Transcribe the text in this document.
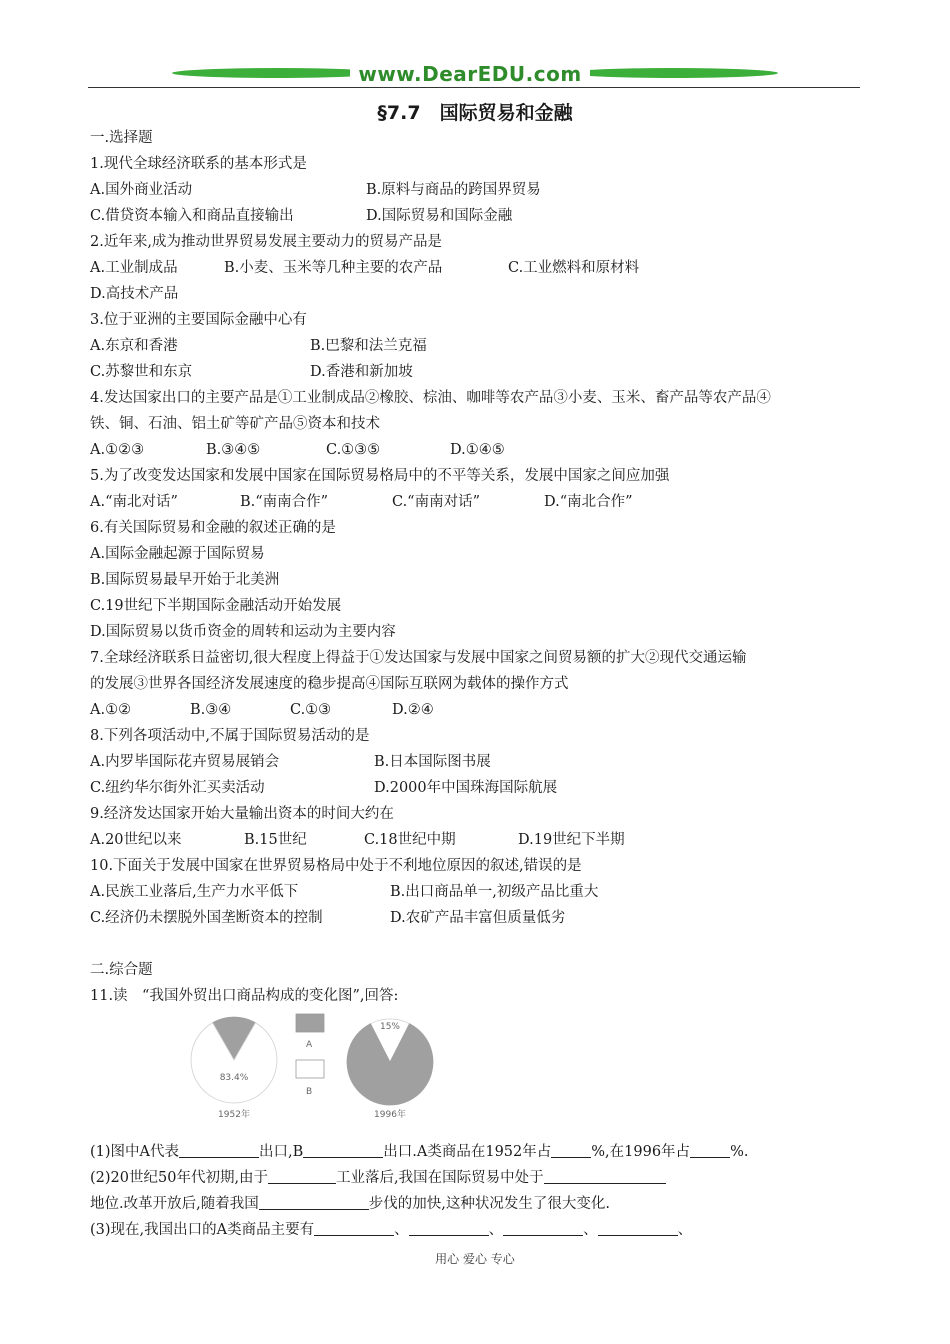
www.DearEDU.com
§7.7　国际贸易和金融
一.选择题
1.现代全球经济联系的基本形式是
A.国外商业活动	B.原料与商品的跨国界贸易
C.借贷资本输入和商品直接输出	D.国际贸易和国际金融
2.近年来,成为推动世界贸易发展主要动力的贸易产品是
A.工业制成品	B.小麦、玉米等几种主要的农产品	C.工业燃料和原材料
D.高技术产品
3.位于亚洲的主要国际金融中心有
A.东京和香港	B.巴黎和法兰克福
C.苏黎世和东京	D.香港和新加坡
4.发达国家出口的主要产品是①工业制成品②橡胶、棕油、咖啡等农产品③小麦、玉米、畜产品等农产品④
铁、铜、石油、铝土矿等矿产品⑤资本和技术
A.①②③	B.③④⑤	C.①③⑤	D.①④⑤
5.为了改变发达国家和发展中国家在国际贸易格局中的不平等关系，发展中国家之间应加强
A.“南北对话”	B.“南南合作”	C.“南南对话”	D.“南北合作”
6.有关国际贸易和金融的叙述正确的是
A.国际金融起源于国际贸易
B.国际贸易最早开始于北美洲
C.19世纪下半期国际金融活动开始发展
D.国际贸易以货币资金的周转和运动为主要内容
7.全球经济联系日益密切,很大程度上得益于①发达国家与发展中国家之间贸易额的扩大②现代交通运输
的发展③世界各国经济发展速度的稳步提高④国际互联网为载体的操作方式
A.①②	B.③④	C.①③	D.②④
8.下列各项活动中,不属于国际贸易活动的是
A.内罗毕国际花卉贸易展销会	B.日本国际图书展
C.纽约华尔街外汇买卖活动	D.2000年中国珠海国际航展
9.经济发达国家开始大量输出资本的时间大约在
A.20世纪以来	B.15世纪	C.18世纪中期	D.19世纪下半期
10.下面关于发展中国家在世界贸易格局中处于不利地位原因的叙述,错误的是
A.民族工业落后,生产力水平低下	B.出口商品单一,初级产品比重大
C.经济仍未摆脱外国垄断资本的控制	D.农矿产品丰富但质量低劣
二.综合题
11.读　“我国外贸出口商品构成的变化图”,回答:
83.4%
1952年
A
B
15%
1996年
(1)图中A代表	出口,B	出口.A类商品在1952年占	%,在1996年占	%.
(2)20世纪50年代初期,由于	工业落后,我国在国际贸易中处于
地位.改革开放后,随着我国	步伐的加快,这种状况发生了很大变化.
(3)现在,我国出口的A类商品主要有	、	、	、	、
用心 爱心 专心
